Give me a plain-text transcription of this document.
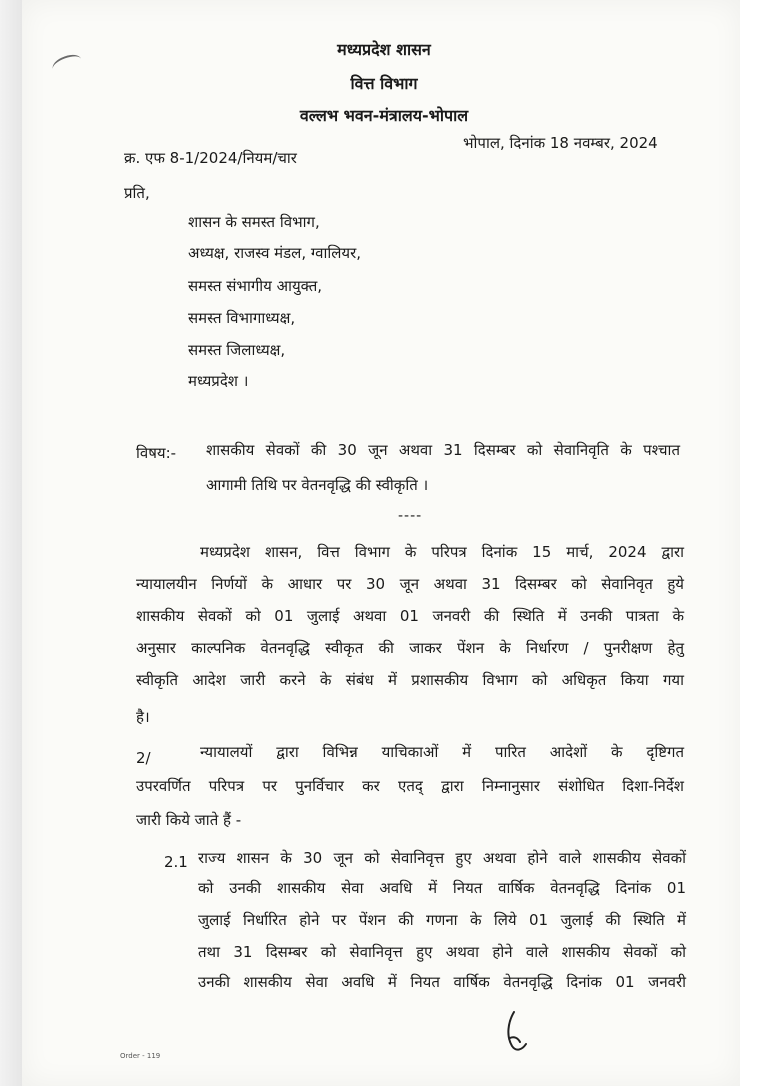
मध्यप्रदेश शासन
वित्त विभाग
वल्लभ भवन-मंत्रालय-भोपाल
क्र. एफ 8-1/2024/नियम/चार
भोपाल, दिनांक 18 नवम्बर, 2024
प्रति,
शासन के समस्त विभाग,
अध्यक्ष, राजस्व मंडल, ग्वालियर,
समस्त संभागीय आयुक्त,
समस्त विभागाध्यक्ष,
समस्त जिलाध्यक्ष,
मध्यप्रदेश ।
विषय:- शासकीय सेवकों की 30 जून अथवा 31 दिसम्बर को सेवानिवृति के पश्चात
आगामी तिथि पर वेतनवृद्धि की स्वीकृति ।
----
मध्यप्रदेश शासन, वित्त विभाग के परिपत्र दिनांक 15 मार्च, 2024 द्वारा
न्यायालयीन निर्णयों के आधार पर 30 जून अथवा 31 दिसम्बर को सेवानिवृत हुये
शासकीय सेवकों को 01 जुलाई अथवा 01 जनवरी की स्थिति में उनकी पात्रता के
अनुसार काल्पनिक वेतनवृद्धि स्वीकृत की जाकर पेंशन के निर्धारण / पुनरीक्षण हेतु
स्वीकृति आदेश जारी करने के संबंध में प्रशासकीय विभाग को अधिकृत किया गया
है।
2/	न्यायालयों द्वारा विभिन्न याचिकाओं में पारित आदेशों के दृष्टिगत
उपरवर्णित परिपत्र पर पुनर्विचार कर एतद् द्वारा निम्नानुसार संशोधित दिशा-निर्देश
जारी किये जाते हैं -
2.1 राज्य शासन के 30 जून को सेवानिवृत्त हुए अथवा होने वाले शासकीय सेवकों
को उनकी शासकीय सेवा अवधि में नियत वार्षिक वेतनवृद्धि दिनांक 01
जुलाई निर्धारित होने पर पेंशन की गणना के लिये 01 जुलाई की स्थिति में
तथा 31 दिसम्बर को सेवानिवृत्त हुए अथवा होने वाले शासकीय सेवकों को
उनकी शासकीय सेवा अवधि में नियत वार्षिक वेतनवृद्धि दिनांक 01 जनवरी
Order - 119
